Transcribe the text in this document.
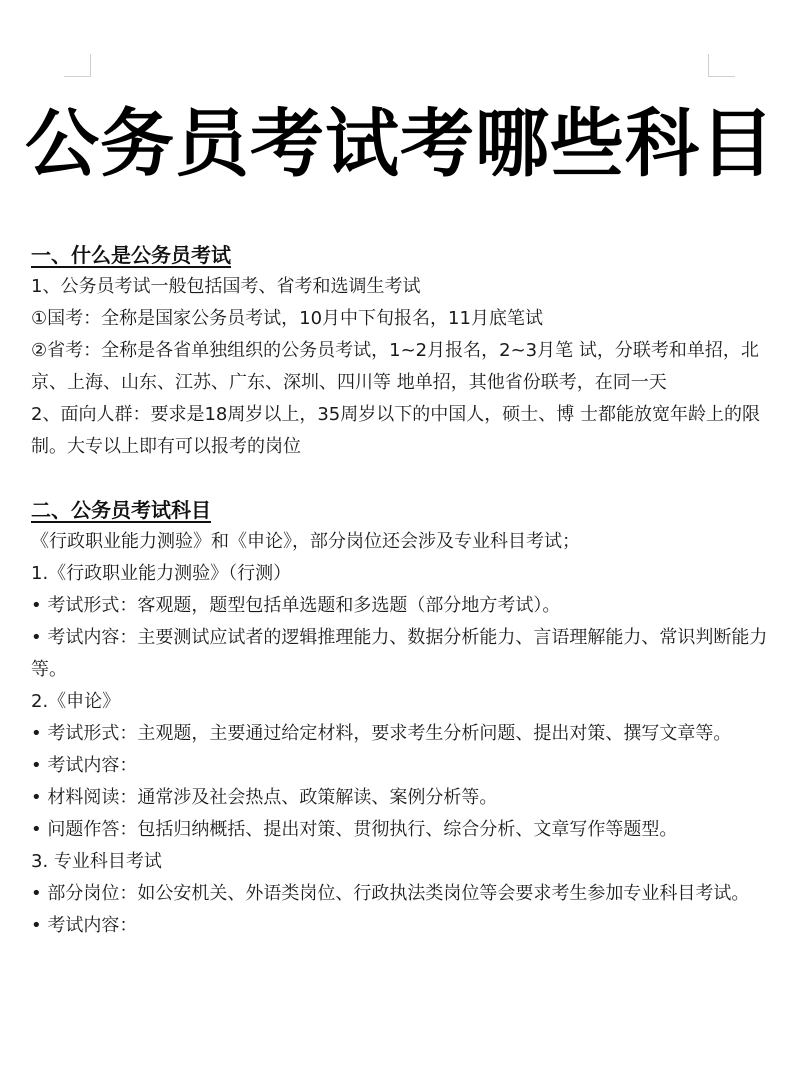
公务员考试考哪些科目
一、什么是公务员考试

1、公务员考试一般包括国考、省考和选调生考试

①国考：全称是国家公务员考试，10月中下旬报名，11月底笔试

②省考：全称是各省单独组织的公务员考试，1~2月报名，2~3月笔 试，分联考和单招，北京、上海、山东、江苏、广东、深圳、四川等 地单招，其他省份联考，在同一天

2、面向人群：要求是18周岁以上，35周岁以下的中国人，硕士、博 士都能放宽年龄上的限制。大专以上即有可以报考的岗位

二、公务员考试科目

《行政职业能力测验》和《申论》，部分岗位还会涉及专业科目考试；

1.《行政职业能力测验》（行测）

• 考试形式：客观题，题型包括单选题和多选题（部分地方考试）。

• 考试内容：主要测试应试者的逻辑推理能力、数据分析能力、言语理解能力、常识判断能力等。

2.《申论》

• 考试形式：主观题，主要通过给定材料，要求考生分析问题、提出对策、撰写文章等。

• 考试内容：

• 材料阅读：通常涉及社会热点、政策解读、案例分析等。

• 问题作答：包括归纳概括、提出对策、贯彻执行、综合分析、文章写作等题型。

3. 专业科目考试

• 部分岗位：如公安机关、外语类岗位、行政执法类岗位等会要求考生参加专业科目考试。

• 考试内容：
